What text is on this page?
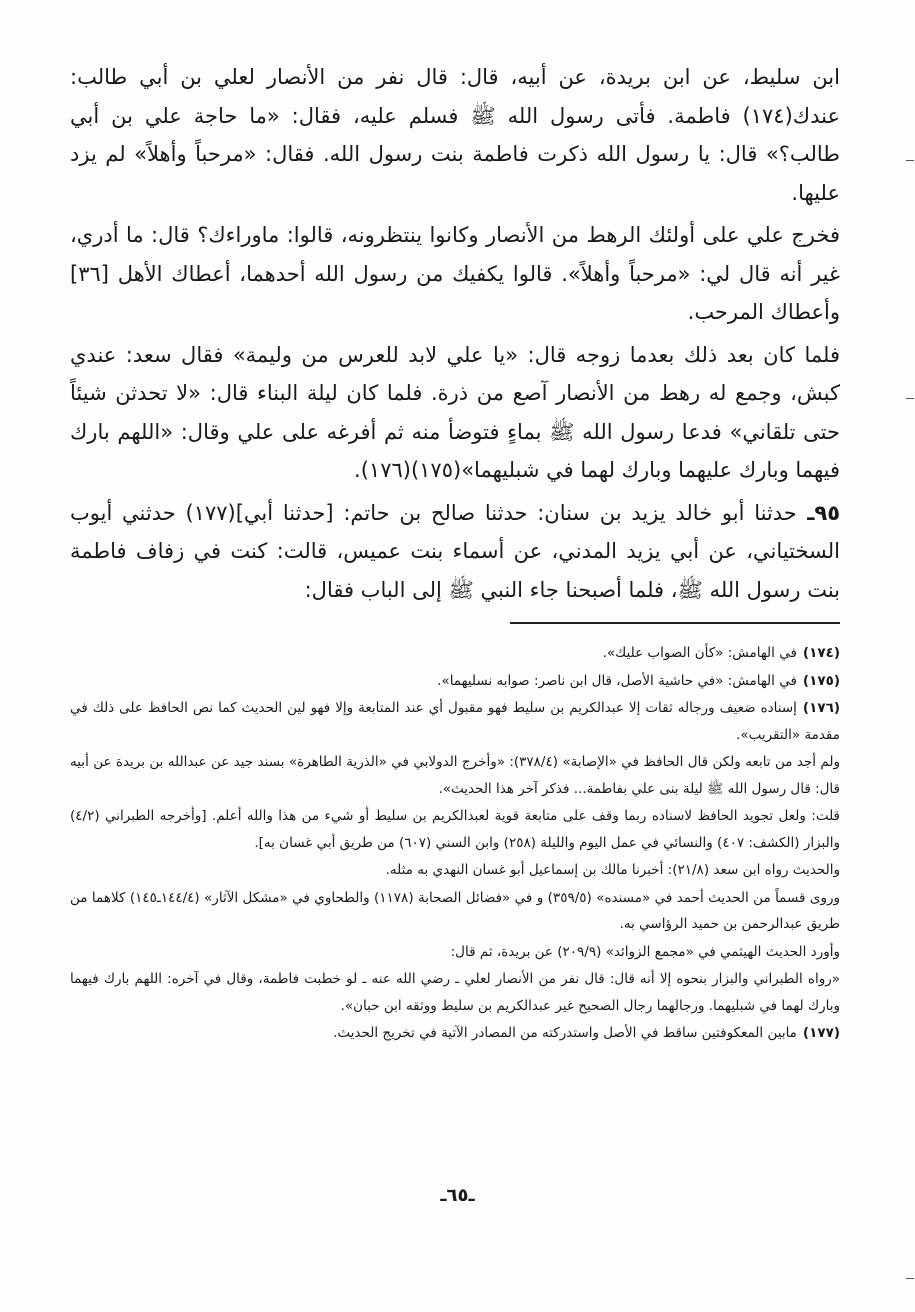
ابن سليط، عن ابن بريدة، عن أبيه، قال: قال نفر من الأنصار لعلي بن أبي طالب: عندك(١٧٤) فاطمة. فأتى رسول الله ﷺ فسلم عليه، فقال: «ما حاجة علي بن أبي طالب؟» قال: يا رسول الله ذكرت فاطمة بنت رسول الله. فقال: «مرحباً وأهلاً» لم يزد عليها.

فخرج علي على أولئك الرهط من الأنصار وكانوا ينتظرونه، قالوا: ماوراءك؟ قال: ما أدري، غير أنه قال لي: «مرحباً وأهلاً». قالوا يكفيك من رسول الله أحدهما، أعطاك الأهل [٣٦] وأعطاك المرحب.

فلما كان بعد ذلك بعدما زوجه قال: «يا علي لابد للعرس من وليمة» فقال سعد: عندي كبش، وجمع له رهط من الأنصار آصع من ذرة. فلما كان ليلة البناء قال: «لا تحدثن شيئاً حتى تلقاني» فدعا رسول الله ﷺ بماءٍ فتوضأ منه ثم أفرغه على علي وقال: «اللهم بارك فيهما وبارك عليهما وبارك لهما في شبليهما»(١٧٥)(١٧٦).

٩٥ـ حدثنا أبو خالد يزيد بن سنان: حدثنا صالح بن حاتم: [حدثنا أبي](١٧٧) حدثني أيوب السختياني، عن أبي يزيد المدني، عن أسماء بنت عميس، قالت: كنت في زفاف فاطمة بنت رسول الله ﷺ، فلما أصبحنا جاء النبي ﷺ إلى الباب فقال:

(١٧٤)في الهامش: «كأن الصواب عليك».
(١٧٥)في الهامش: «في حاشية الأصل، قال ابن ناصر: صوابه نسليهما».
(١٧٦)إسناده ضعيف ورجاله ثقات إلا عبدالكريم بن سليط فهو مقبول أي عند المتابعة وإلا فهو لين الحديث كما نص الحافظ على ذلك في مقدمة «التقريب».
ولم أجد من تابعه ولكن قال الحافظ في «الإصابة» (٣٧٨/٤): «وأخرج الدولابي في «الذرية الطاهرة» بسند جيد عن عبدالله بن بريدة عن أبيه قال: قال رسول الله ﷺ ليلة بنى علي بفاطمة... فذكر آخر هذا الحديث».
قلت: ولعل تجويد الحافظ لاسناده ربما وقف على متابعة قوية لعبدالكريم بن سليط أو شيء من هذا والله أعلم. [وأخرجه الطبراني (٤/٢) والبزار (الكشف: ٤٠٧) والنسائي في عمل اليوم والليلة (٢٥٨) وابن السني (٦٠٧) من طريق أبي غسان به].
والحديث رواه ابن سعد (٢١/٨): أخبرنا مالك بن إسماعيل أبو غسان النهدي به مثله.
وروى قسماً من الحديث أحمد في «مسنده» (٣٥٩/٥) و في «فضائل الصحابة (١١٧٨) والطحاوي في «مشكل الآثار» (١٤٤/٤ـ١٤٥) كلاهما من طريق عبدالرحمن بن حميد الرؤاسي به.
وأورد الحديث الهيثمي في «مجمع الزوائد» (٢٠٩/٩) عن بريدة، ثم قال:
«رواه الطبراني والبزار بنحوه إلا أنه قال: قال نفر من الأنصار لعلي ـ رضي الله عنه ـ لو خطبت فاطمة، وقال في آخره: اللهم بارك فيهما وبارك لهما في شبليهما. ورجالهما رجال الصحيح غير عبدالكريم بن سليط ووثقه ابن حبان».
(١٧٧)مابين المعكوفتين ساقط في الأصل واستدركته من المصادر الآتية في تخريج الحديث.
ـ٦٥ـ
